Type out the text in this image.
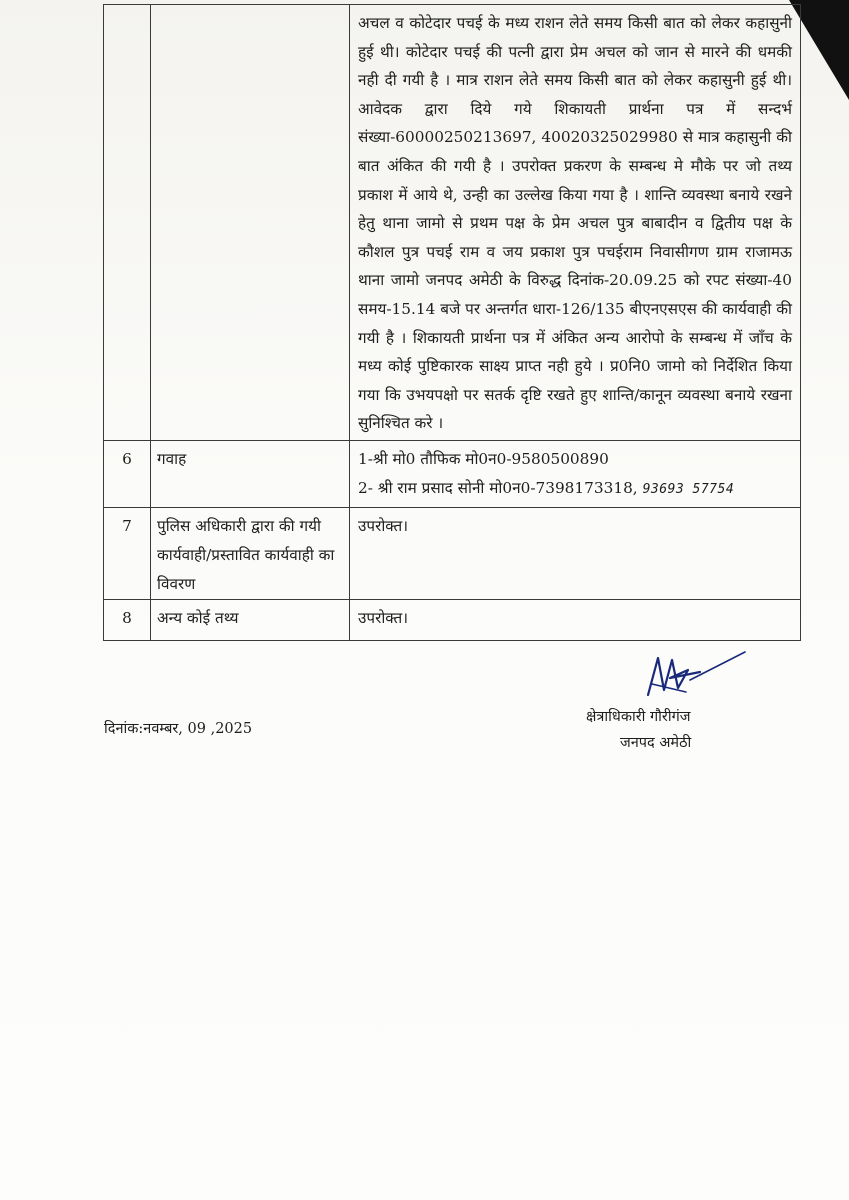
		अचल व कोटेदार पचई के मध्य राशन लेते समय किसी बात को लेकर कहासुनी हुई थी। कोटेदार पचई की पत्नी द्वारा प्रेम अचल को जान से मारने की धमकी नही दी गयी है । मात्र राशन लेते समय किसी बात को लेकर कहासुनी हुई थी। आवेदक द्वारा दिये गये शिकायती प्रार्थना पत्र में सन्दर्भ संख्या-60000250213697, 40020325029980 से मात्र कहासुनी की बात अंकित की गयी है । उपरोक्त प्रकरण के सम्बन्ध मे मौके पर जो तथ्य प्रकाश में आये थे, उन्ही का उल्लेख किया गया है । शान्ति व्यवस्था बनाये रखने हेतु थाना जामो से प्रथम पक्ष के प्रेम अचल पुत्र बाबादीन व द्वितीय पक्ष के कौशल पुत्र पचई राम व जय प्रकाश पुत्र पचईराम निवासीगण ग्राम राजामऊ थाना जामो जनपद अमेठी के विरुद्ध दिनांक-20.09.25 को रपट संख्या-40 समय-15.14 बजे पर अन्तर्गत धारा-126/135 बीएनएसएस की कार्यवाही की गयी है । शिकायती प्रार्थना पत्र में अंकित अन्य आरोपो के सम्बन्ध में जाँच के मध्य कोई पुष्टिकारक साक्ष्य प्राप्त नही हुये । प्र0नि0 जामो को निर्देशित किया गया कि उभयपक्षो पर सतर्क दृष्टि रखते हुए शान्ति/कानून व्यवस्था बनाये रखना सुनिश्चित करे ।

6	गवाह	1-श्री मो0 तौफिक मो0न0-9580500890
2- श्री राम प्रसाद सोनी मो0न0-7398173318, 93693 57754

7	पुलिस अधिकारी द्वारा की गयी कार्यवाही/प्रस्तावित कार्यवाही का विवरण	उपरोक्त।
8	अन्य कोई तथ्य	उपरोक्त।
दिनांक:नवम्बर, 09 ,2025
क्षेत्राधिकारी गौरीगंज
जनपद अमेठी
